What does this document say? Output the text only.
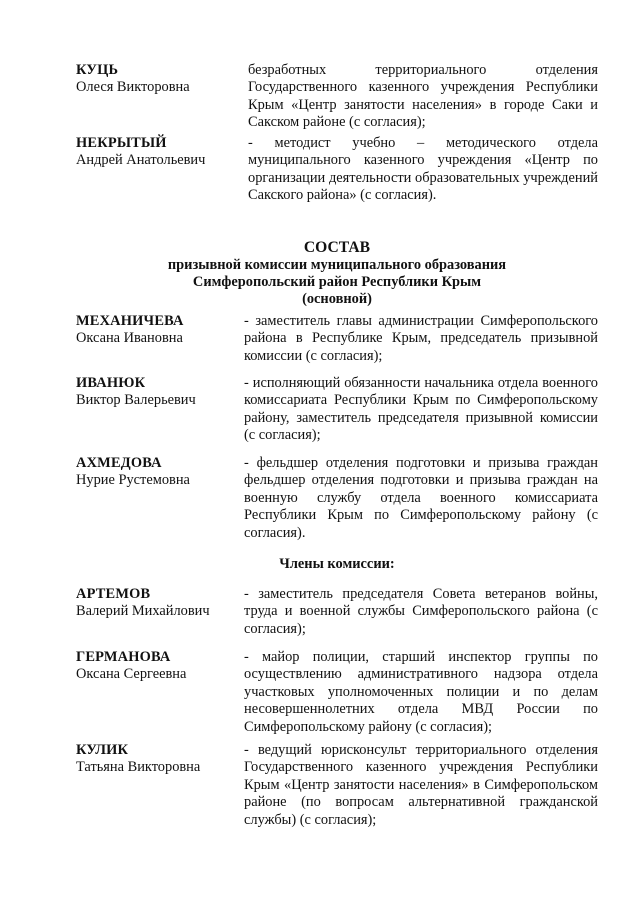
КУЦЬ
Олеся Викторовна
безработных территориального отделения Государственного казенного учреждения Республики Крым «Центр занятости населения» в городе Саки и Сакском районе (с согласия);
НЕКРЫТЫЙ
Андрей Анатольевич
- методист учебно – методического отдела муниципального казенного учреждения «Центр по организации деятельности образовательных учреждений Сакского района» (с согласия).
СОСТАВ
призывной комиссии муниципального образования
Симферопольский район Республики Крым
(основной)
МЕХАНИЧЕВА
Оксана Ивановна
- заместитель главы администрации Симферопольского района в Республике Крым, председатель призывной комиссии (с согласия);
ИВАНЮК
Виктор Валерьевич
- исполняющий обязанности начальника отдела военного комиссариата Республики Крым по Симферопольскому району, заместитель председателя призывной комиссии (с согласия);
АХМЕДОВА
Нурие Рустемовна
- фельдшер отделения подготовки и призыва граждан фельдшер отделения подготовки и призыва граждан на военную службу отдела военного комиссариата Республики Крым по Симферопольскому району (с согласия).
Члены комиссии:
АРТЕМОВ
Валерий Михайлович
- заместитель председателя Совета ветеранов войны, труда и военной службы Симферопольского района (с согласия);
ГЕРМАНОВА
Оксана Сергеевна
- майор полиции, старший инспектор группы по осуществлению административного надзора отдела участковых уполномоченных полиции и по делам несовершеннолетних отдела МВД России по Симферопольскому району (с согласия);
КУЛИК
Татьяна Викторовна
- ведущий юрисконсульт территориального отделения Государственного казенного учреждения Республики Крым «Центр занятости населения» в Симферопольском районе (по вопросам альтернативной гражданской службы) (с согласия);
